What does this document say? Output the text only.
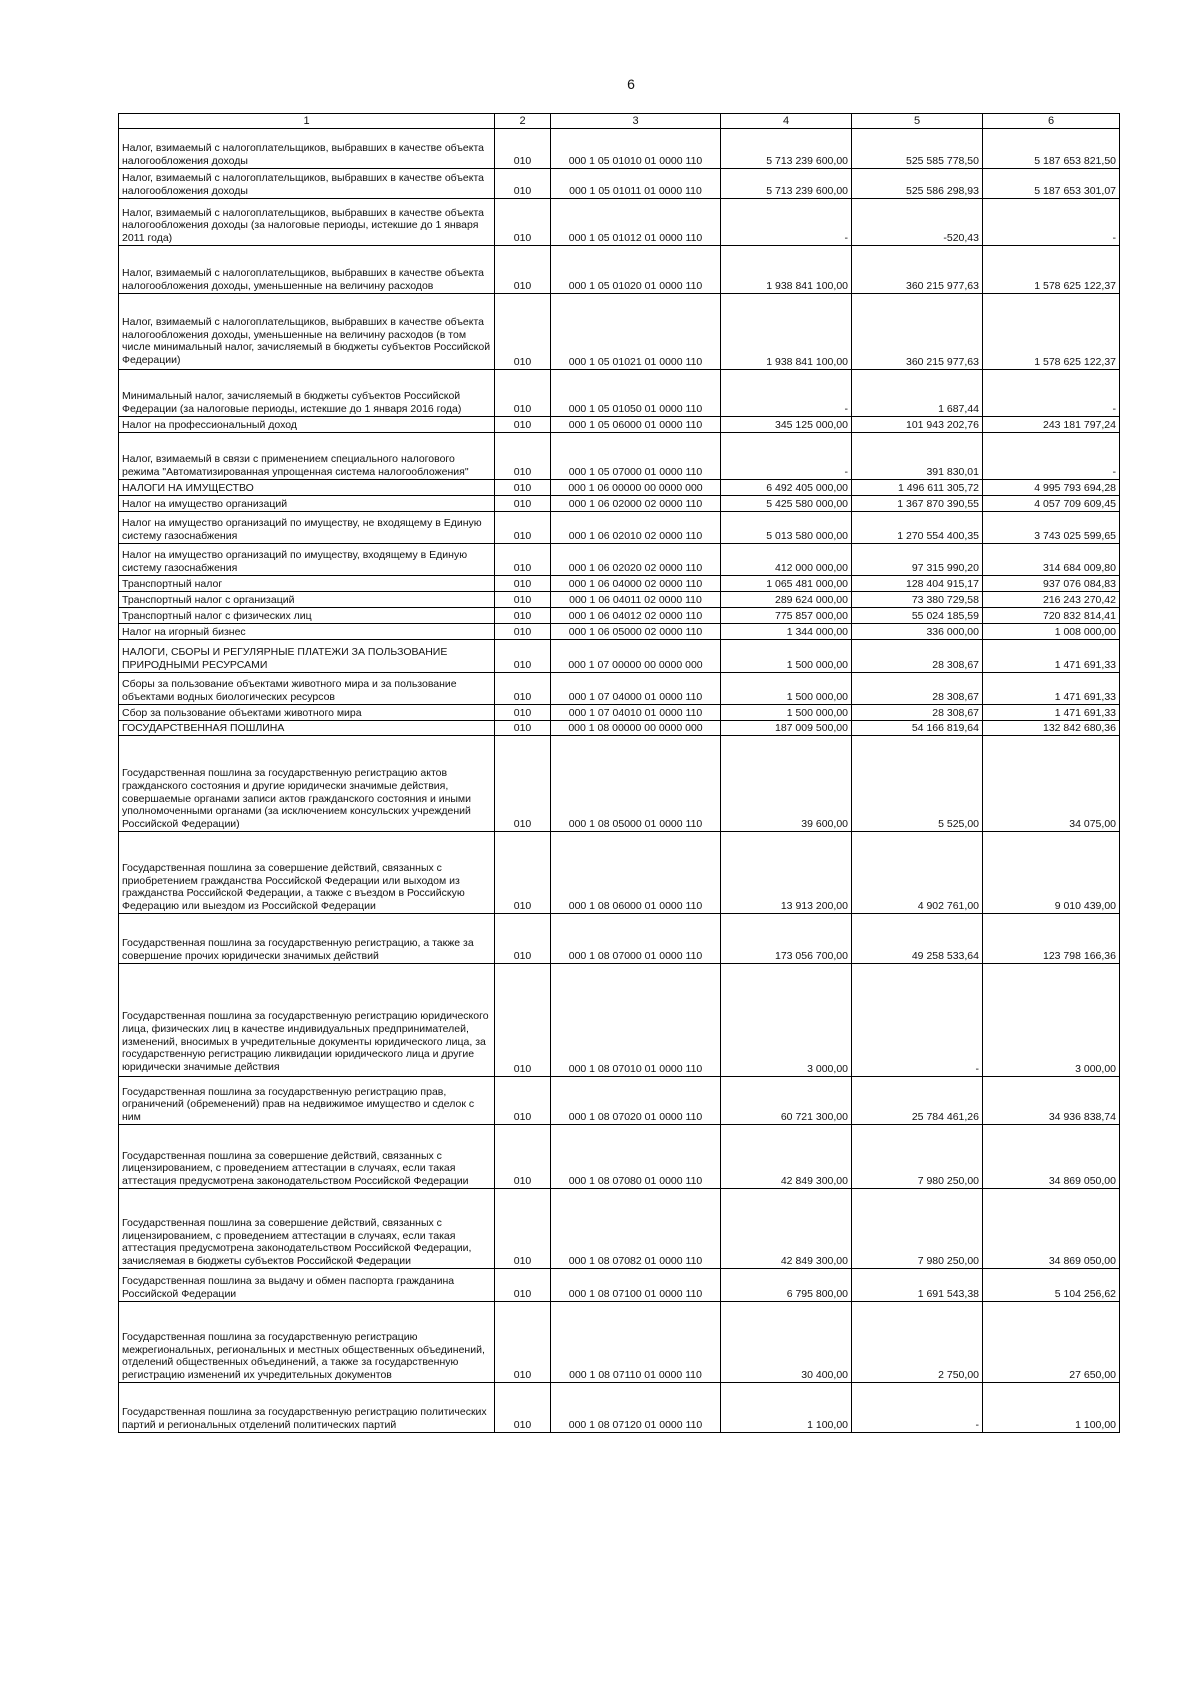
6
1	2	3	4	5	6
Налог, взимаемый с налогоплательщиков, выбравших в качестве объекта налогообложения доходы	010	000 1 05 01010 01 0000 110	5 713 239 600,00	525 585 778,50	5 187 653 821,50
Налог, взимаемый с налогоплательщиков, выбравших в качестве объекта налогообложения доходы	010	000 1 05 01011 01 0000 110	5 713 239 600,00	525 586 298,93	5 187 653 301,07
Налог, взимаемый с налогоплательщиков, выбравших в качестве объекта налогообложения доходы (за налоговые периоды, истекшие до 1 января 2011 года)	010	000 1 05 01012 01 0000 110	-	-520,43	-
Налог, взимаемый с налогоплательщиков, выбравших в качестве объекта налогообложения доходы, уменьшенные на величину расходов	010	000 1 05 01020 01 0000 110	1 938 841 100,00	360 215 977,63	1 578 625 122,37
Налог, взимаемый с налогоплательщиков, выбравших в качестве объекта налогообложения доходы, уменьшенные на величину расходов (в том числе минимальный налог, зачисляемый в бюджеты субъектов Российской Федерации)	010	000 1 05 01021 01 0000 110	1 938 841 100,00	360 215 977,63	1 578 625 122,37
Минимальный налог, зачисляемый в бюджеты субъектов Российской Федерации (за налоговые периоды, истекшие до 1 января 2016 года)	010	000 1 05 01050 01 0000 110	-	1 687,44	-
Налог на профессиональный доход	010	000 1 05 06000 01 0000 110	345 125 000,00	101 943 202,76	243 181 797,24
Налог, взимаемый в связи с применением специального налогового режима "Автоматизированная упрощенная система налогообложения"	010	000 1 05 07000 01 0000 110	-	391 830,01	-
НАЛОГИ НА ИМУЩЕСТВО	010	000 1 06 00000 00 0000 000	6 492 405 000,00	1 496 611 305,72	4 995 793 694,28
Налог на имущество организаций	010	000 1 06 02000 02 0000 110	5 425 580 000,00	1 367 870 390,55	4 057 709 609,45
Налог на имущество организаций по имуществу, не входящему в Единую систему газоснабжения	010	000 1 06 02010 02 0000 110	5 013 580 000,00	1 270 554 400,35	3 743 025 599,65
Налог на имущество организаций по имуществу, входящему в Единую систему газоснабжения	010	000 1 06 02020 02 0000 110	412 000 000,00	97 315 990,20	314 684 009,80
Транспортный налог	010	000 1 06 04000 02 0000 110	1 065 481 000,00	128 404 915,17	937 076 084,83
Транспортный налог с организаций	010	000 1 06 04011 02 0000 110	289 624 000,00	73 380 729,58	216 243 270,42
Транспортный налог с физических лиц	010	000 1 06 04012 02 0000 110	775 857 000,00	55 024 185,59	720 832 814,41
Налог на игорный бизнес	010	000 1 06 05000 02 0000 110	1 344 000,00	336 000,00	1 008 000,00
НАЛОГИ, СБОРЫ И РЕГУЛЯРНЫЕ ПЛАТЕЖИ ЗА ПОЛЬЗОВАНИЕ ПРИРОДНЫМИ РЕСУРСАМИ	010	000 1 07 00000 00 0000 000	1 500 000,00	28 308,67	1 471 691,33
Сборы за пользование объектами животного мира и за пользование объектами водных биологических ресурсов	010	000 1 07 04000 01 0000 110	1 500 000,00	28 308,67	1 471 691,33
Сбор за пользование объектами животного мира	010	000 1 07 04010 01 0000 110	1 500 000,00	28 308,67	1 471 691,33
ГОСУДАРСТВЕННАЯ ПОШЛИНА	010	000 1 08 00000 00 0000 000	187 009 500,00	54 166 819,64	132 842 680,36
Государственная пошлина за государственную регистрацию актов гражданского состояния и другие юридически значимые действия, совершаемые органами записи актов гражданского состояния и иными уполномоченными органами (за исключением консульских учреждений Российской Федерации)	010	000 1 08 05000 01 0000 110	39 600,00	5 525,00	34 075,00
Государственная пошлина за совершение действий, связанных с приобретением гражданства Российской Федерации или выходом из гражданства Российской Федерации, а также с въездом в Российскую Федерацию или выездом из Российской Федерации	010	000 1 08 06000 01 0000 110	13 913 200,00	4 902 761,00	9 010 439,00
Государственная пошлина за государственную регистрацию, а также за совершение прочих юридически значимых действий	010	000 1 08 07000 01 0000 110	173 056 700,00	49 258 533,64	123 798 166,36
Государственная пошлина за государственную регистрацию юридического лица, физических лиц в качестве индивидуальных предпринимателей, изменений, вносимых в учредительные документы юридического лица, за государственную регистрацию ликвидации юридического лица и другие юридически значимые действия	010	000 1 08 07010 01 0000 110	3 000,00	-	3 000,00
Государственная пошлина за государственную регистрацию прав, ограничений (обременений) прав на недвижимое имущество и сделок с ним	010	000 1 08 07020 01 0000 110	60 721 300,00	25 784 461,26	34 936 838,74
Государственная пошлина за совершение действий, связанных с лицензированием, с проведением аттестации в случаях, если такая аттестация предусмотрена законодательством Российской Федерации	010	000 1 08 07080 01 0000 110	42 849 300,00	7 980 250,00	34 869 050,00
Государственная пошлина за совершение действий, связанных с лицензированием, с проведением аттестации в случаях, если такая аттестация предусмотрена законодательством Российской Федерации, зачисляемая в бюджеты субъектов Российской Федерации	010	000 1 08 07082 01 0000 110	42 849 300,00	7 980 250,00	34 869 050,00
Государственная пошлина за выдачу и обмен паспорта гражданина Российской Федерации	010	000 1 08 07100 01 0000 110	6 795 800,00	1 691 543,38	5 104 256,62
Государственная пошлина за государственную регистрацию межрегиональных, региональных и местных общественных объединений, отделений общественных объединений, а также за государственную регистрацию изменений их учредительных документов	010	000 1 08 07110 01 0000 110	30 400,00	2 750,00	27 650,00
Государственная пошлина за государственную регистрацию политических партий и региональных отделений политических партий	010	000 1 08 07120 01 0000 110	1 100,00	-	1 100,00
